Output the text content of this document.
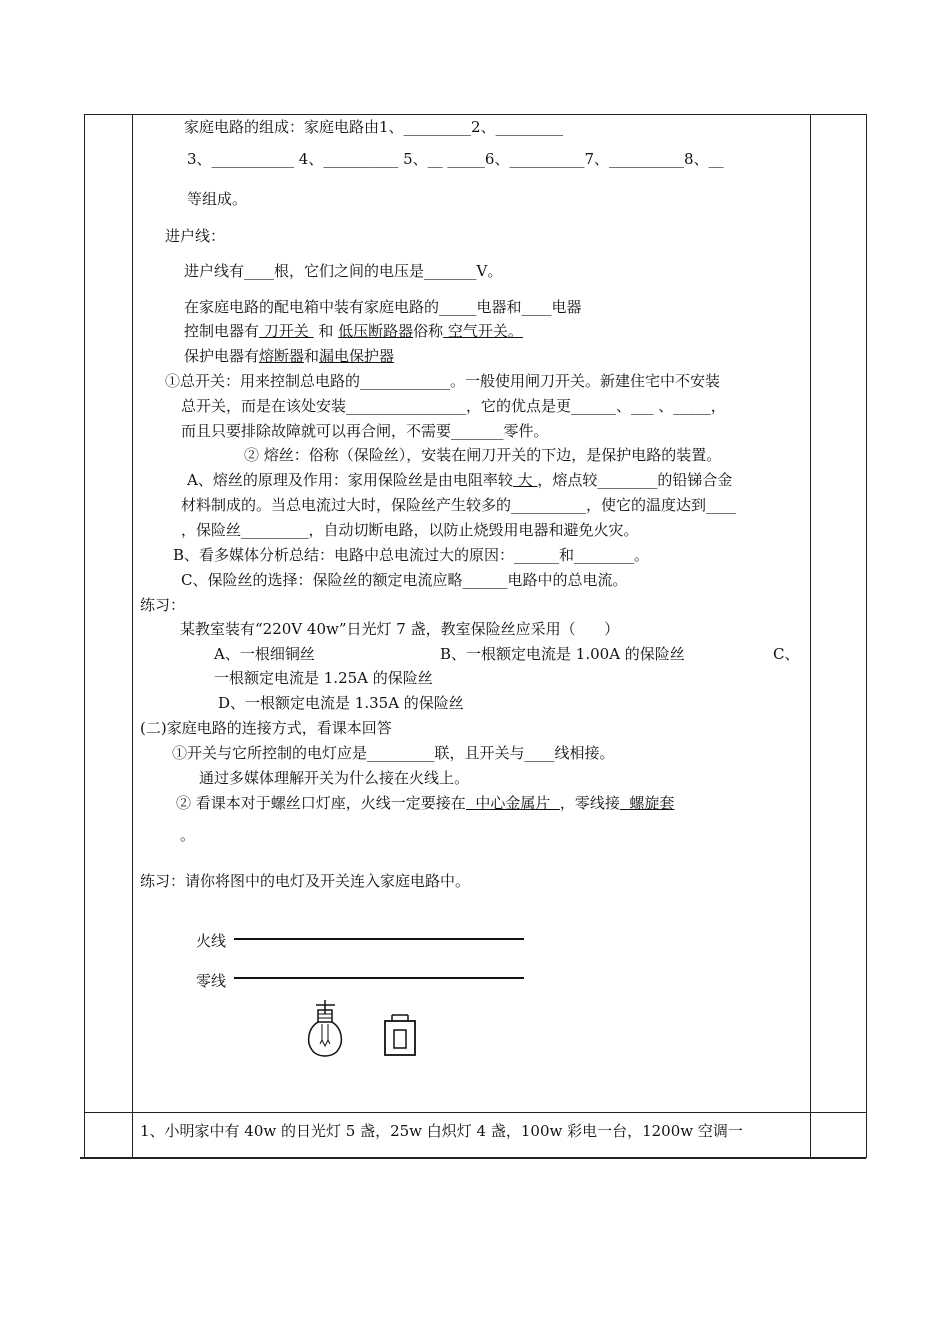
家庭电路的组成：家庭电路由1、_________2、_________
3、___________ 4、__________ 5、__ _____6、__________7、__________8、__
等组成。
进户线：
进户线有____根，它们之间的电压是_______V。
在家庭电路的配电箱中装有家庭电路的_____电器和____电器
控制电器有 刀开关  和 低压断路器俗称 空气开关。
保护电器有熔断器和漏电保护器
①总开关：用来控制总电路的____________。一般使用闸刀开关。新建住宅中不安装
总开关，而是在该处安装________________，它的优点是更______、___ 、_____，
而且只要排除故障就可以再合闸，不需要_______零件。
② 熔丝：俗称（保险丝），安装在闸刀开关的下边，是保护电路的装置。
A、熔丝的原理及作用：家用保险丝是由电阻率较 大 ，熔点较________的铅锑合金
材料制成的。当总电流过大时，保险丝产生较多的__________，使它的温度达到____
，保险丝_________，自动切断电路，以防止烧毁用电器和避免火灾。
B、看多媒体分析总结：电路中总电流过大的原因：______和________。
C、保险丝的选择：保险丝的额定电流应略______电路中的总电流。
练习：
某教室装有“220V 40w”日光灯 7 盏，教室保险丝应采用（      ）
A、一根细铜丝	B、一根额定电流是 1.00A 的保险丝	C、
一根额定电流是 1.25A 的保险丝
D、一根额定电流是 1.35A 的保险丝
(二)家庭电路的连接方式，看课本回答
①开关与它所控制的电灯应是_________联，且开关与____线相接。
通过多媒体理解开关为什么接在火线上。
② 看课本对于螺丝口灯座，火线一定要接在  中心金属片  ，零线接  螺旋套
。
练习：请你将图中的电灯及开关连入家庭电路中。
火线
零线
1、小明家中有 40w 的日光灯 5 盏，25w 白炽灯 4 盏，100w 彩电一台，1200w 空调一
